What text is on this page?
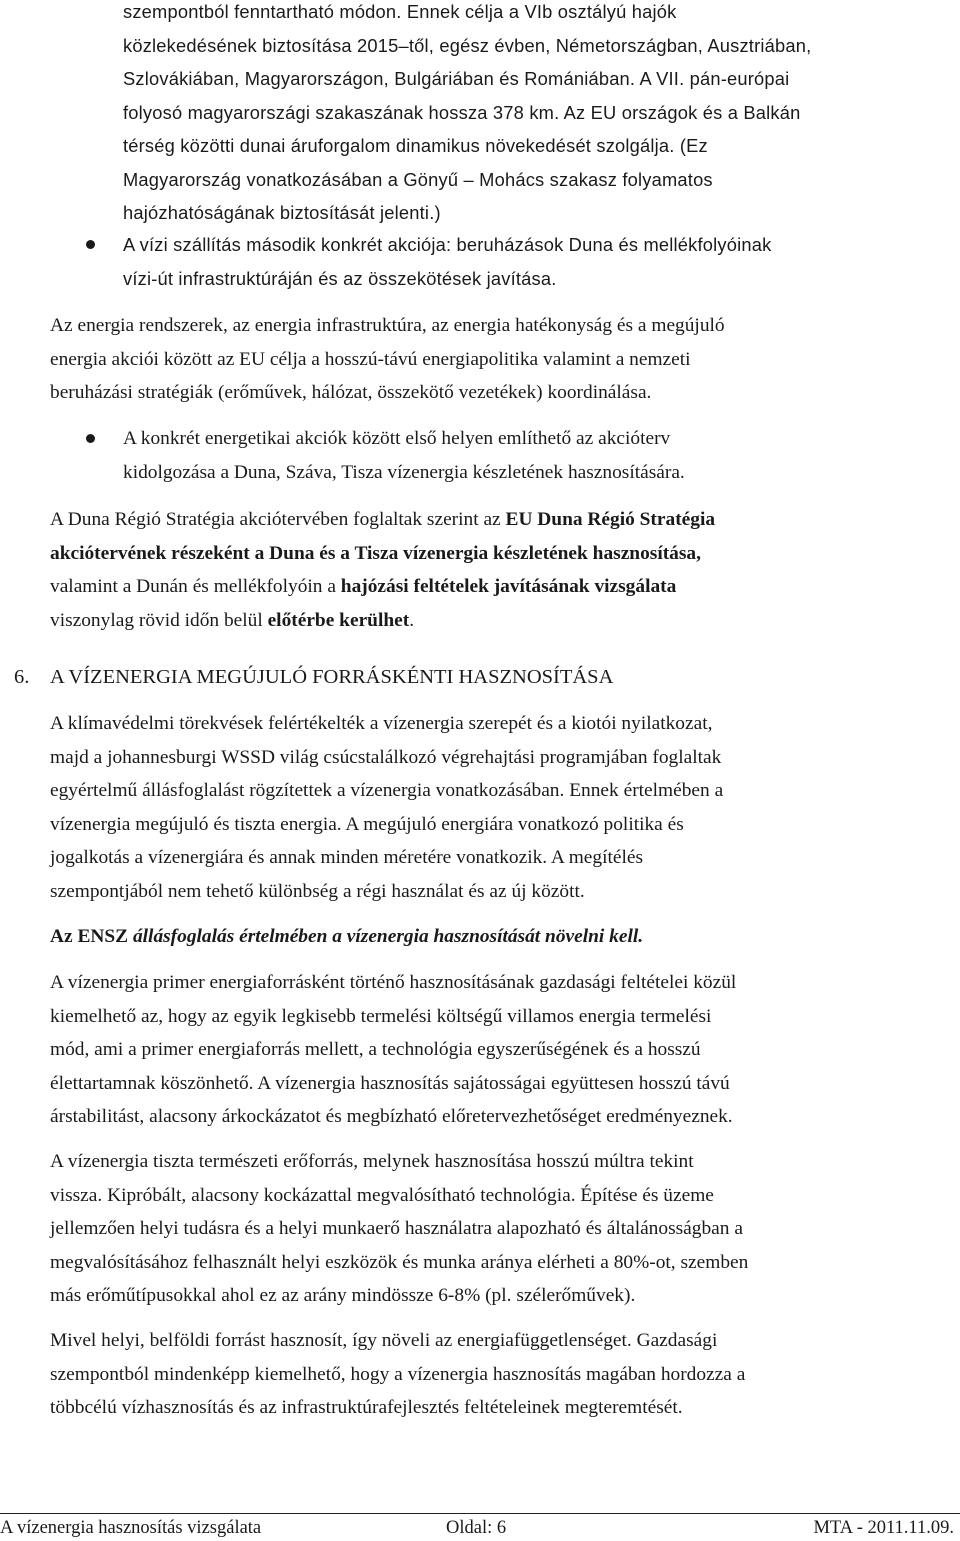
szempontból fenntartható módon. Ennek célja a VIb osztályú hajók
közlekedésének biztosítása 2015–től, egész évben, Németországban, Ausztriában,
Szlovákiában, Magyarországon, Bulgáriában és Romániában. A VII. pán-európai
folyosó magyarországi szakaszának hossza 378 km. Az EU országok és a Balkán
térség közötti dunai áruforgalom dinamikus növekedését szolgálja. (Ez
Magyarország vonatkozásában a Gönyű – Mohács szakasz folyamatos
hajózhatóságának biztosítását jelenti.)
A vízi szállítás második konkrét akciója: beruházások Duna és mellékfolyóinak
vízi-út infrastruktúráján és az összekötések javítása.
Az energia rendszerek, az energia infrastruktúra, az energia hatékonyság és a megújuló
energia akciói között az EU célja a hosszú-távú energiapolitika valamint a nemzeti
beruházási stratégiák (erőművek, hálózat, összekötő vezetékek) koordinálása.
A konkrét energetikai akciók között első helyen említhető az akcióterv
kidolgozása a Duna, Száva, Tisza vízenergia készletének hasznosítására.
A Duna Régió Stratégia akciótervében foglaltak szerint az EU Duna Régió Stratégia
akciótervének részeként a Duna és a Tisza vízenergia készletének hasznosítása,
valamint a Dunán és mellékfolyóin a hajózási feltételek javításának vizsgálata
viszonylag rövid időn belül előtérbe kerülhet.
6. A VÍZENERGIA MEGÚJULÓ FORRÁSKÉNTI HASZNOSÍTÁSA
A klímavédelmi törekvések felértékelték a vízenergia szerepét és a kiotói nyilatkozat,
majd a johannesburgi WSSD világ csúcstalálkozó végrehajtási programjában foglaltak
egyértelmű állásfoglalást rögzítettek a vízenergia vonatkozásában. Ennek értelmében a
vízenergia megújuló és tiszta energia. A megújuló energiára vonatkozó politika és
jogalkotás a vízenergiára és annak minden méretére vonatkozik. A megítélés
szempontjából nem tehető különbség a régi használat és az új között.
Az ENSZ állásfoglalás értelmében a vízenergia hasznosítását növelni kell.
A vízenergia primer energiaforrásként történő hasznosításának gazdasági feltételei közül
kiemelhető az, hogy az egyik legkisebb termelési költségű villamos energia termelési
mód, ami a primer energiaforrás mellett, a technológia egyszerűségének és a hosszú
élettartamnak köszönhető. A vízenergia hasznosítás sajátosságai együttesen hosszú távú
árstabilitást, alacsony árkockázatot és megbízható előretervezhetőséget eredményeznek.
A vízenergia tiszta természeti erőforrás, melynek hasznosítása hosszú múltra tekint
vissza. Kipróbált, alacsony kockázattal megvalósítható technológia. Építése és üzeme
jellemzően helyi tudásra és a helyi munkaerő használatra alapozható és általánosságban a
megvalósításához felhasznált helyi eszközök és munka aránya elérheti a 80%-ot, szemben
más erőműtípusokkal ahol ez az arány mindössze 6-8% (pl. szélerőművek).
Mivel helyi, belföldi forrást hasznosít, így növeli az energiafüggetlenséget. Gazdasági
szempontból mindenképp kiemelhető, hogy a vízenergia hasznosítás magában hordozza a
többcélú vízhasznosítás és az infrastruktúrafejlesztés feltételeinek megteremtését.
A vízenergia hasznosítás vizsgálata	Oldal: 6	MTA - 2011.11.09.
